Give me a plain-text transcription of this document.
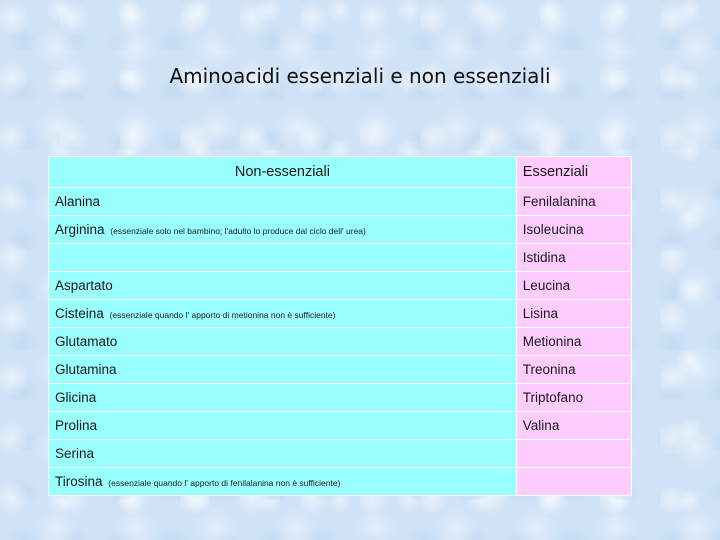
Aminoacidi essenziali e non essenziali
Non-essenziali	Essenziali
Alanina	Fenilalanina
Arginina (essenziale solo nel bambino; l'adulto lo produce dal ciclo dell' urea)	Isoleucina
	Istidina
Aspartato	Leucina
Cisteina (essenziale quando l' apporto di metionina non è sufficiente)	Lisina
Glutamato	Metionina
Glutamina	Treonina
Glicina	Triptofano
Prolina	Valina
Serina	
Tirosina (essenziale quando l' apporto di fenilalanina non è sufficiente)	
